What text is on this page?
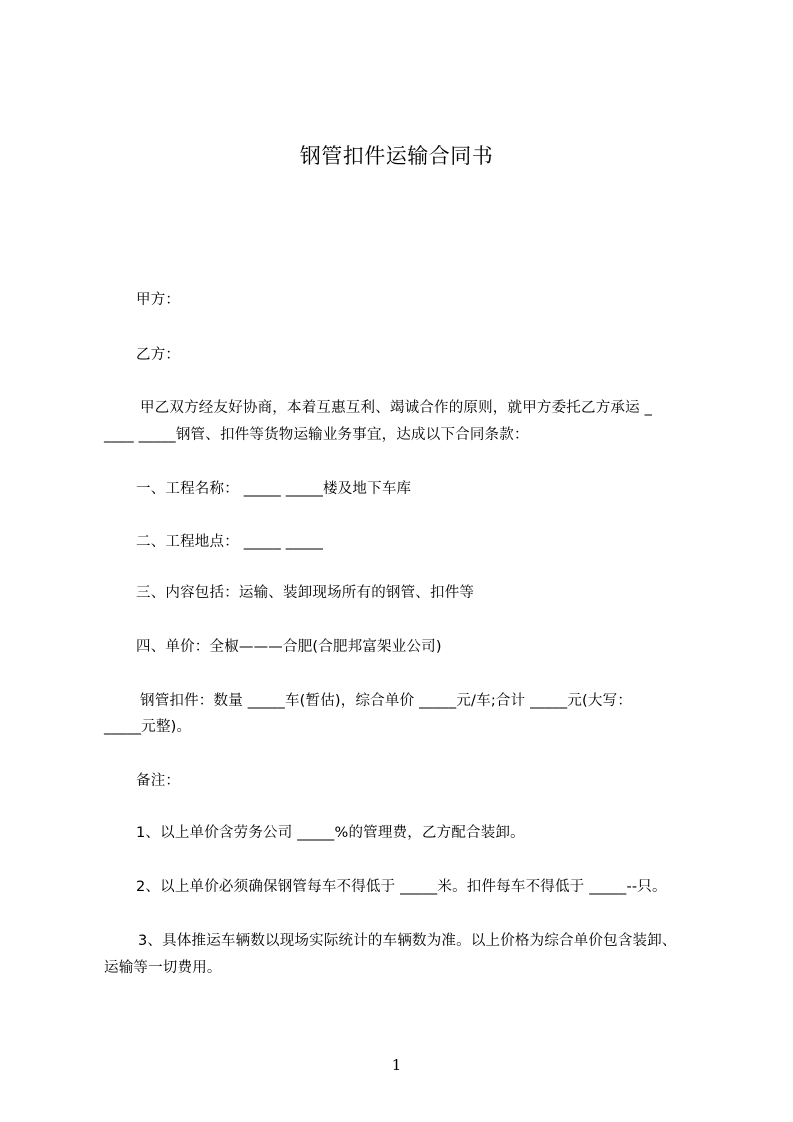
钢管扣件运输合同书
甲方：
乙方：
甲乙双方经友好协商，本着互惠互利、竭诚合作的原则，就甲方委托乙方承运 _
____ _____钢管、扣件等货物运输业务事宜，达成以下合同条款：
一、工程名称： _____ _____楼及地下车库
二、工程地点： _____ _____
三、内容包括：运输、装卸现场所有的钢管、扣件等
四、单价：全椒———合肥(合肥邦富架业公司)
钢管扣件：数量 _____车(暂估)，综合单价 _____元/车;合计 _____元(大写：
_____元整)。
备注：
1、以上单价含劳务公司 _____%的管理费，乙方配合装卸。
2、以上单价必须确保钢管每车不得低于 _____米。扣件每车不得低于 _____--只。
3、具体推运车辆数以现场实际统计的车辆数为准。以上价格为综合单价包含装卸、
运输等一切费用。
1
